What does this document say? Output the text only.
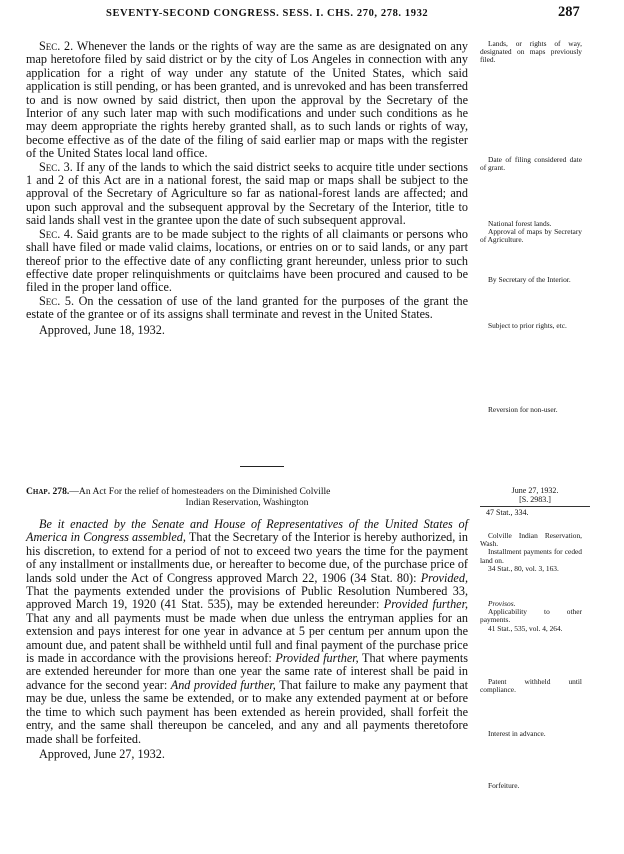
SEVENTY-SECOND CONGRESS. SESS. I. CHS. 270, 278. 1932	287

Sec. 2. Whenever the lands or the rights of way are the same as are designated on any map heretofore filed by said district or by the city of Los Angeles in connection with any application for a right of way under any statute of the United States, which said application is still pending, or has been granted, and is unrevoked and has been transferred to and is now owned by said district, then upon the approval by the Secretary of the Interior of any such later map with such modifications and under such conditions as he may deem appropriate the rights hereby granted shall, as to such lands or rights of way, become effective as of the date of the filing of said earlier map or maps with the register of the United States local land office.

Sec. 3. If any of the lands to which the said district seeks to acquire title under sections 1 and 2 of this Act are in a national forest, the said map or maps shall be subject to the approval of the Secretary of Agriculture so far as national-forest lands are affected; and upon such approval and the subsequent approval by the Secretary of the Interior, title to said lands shall vest in the grantee upon the date of such subsequent approval.

Sec. 4. Said grants are to be made subject to the rights of all claimants or persons who shall have filed or made valid claims, locations, or entries on or to said lands, or any part thereof prior to the effective date of any conflicting grant hereunder, unless prior to such effective date proper relinquishments or quitclaims have been procured and caused to be filed in the proper land office.

Sec. 5. On the cessation of use of the land granted for the purposes of the grant the estate of the grantee or of its assigns shall terminate and revest in the United States.

Approved, June 18, 1932.

Chap. 278.—An Act For the relief of homesteaders on the Diminished Colville
Indian Reservation, Washington
June 27, 1932.
[S. 2983.]
47 Stat., 334.

Be it enacted by the Senate and House of Representatives of the United States of America in Congress assembled, That the Secretary of the Interior is hereby authorized, in his discretion, to extend for a period of not to exceed two years the time for the payment of any installment or installments due, or hereafter to become due, of the purchase price of lands sold under the Act of Congress approved March 22, 1906 (34 Stat. 80): Provided, That the payments extended under the provisions of Public Resolution Numbered 33, approved March 19, 1920 (41 Stat. 535), may be extended hereunder: Provided further, That any and all payments must be made when due unless the entryman applies for an extension and pays interest for one year in advance at 5 per centum per annum upon the amount due, and patent shall be withheld until full and final payment of the purchase price is made in accordance with the provisions hereof: Provided further, That where payments are extended hereunder for more than one year the same rate of interest shall be paid in advance for the second year: And provided further, That failure to make any payment that may be due, unless the same be extended, or to make any extended payment at or before the time to which such payment has been extended as herein provided, shall forfeit the entry, and the same shall thereupon be canceled, and any and all payments theretofore made shall be forfeited.

Approved, June 27, 1932.

Lands, or rights of way, designated on maps previously filed.
Date of filing considered date of grant.
National forest lands.
Approval of maps by Secretary of Agriculture.
By Secretary of the Interior.
Subject to prior rights, etc.
Reversion for non-user.
Colville Indian Reservation, Wash.
Installment payments for ceded land on.
34 Stat., 80, vol. 3, 163.
Provisos.
Applicability to other payments.
41 Stat., 535, vol. 4, 264.
Patent withheld until compliance.
Interest in advance.
Forfeiture.
